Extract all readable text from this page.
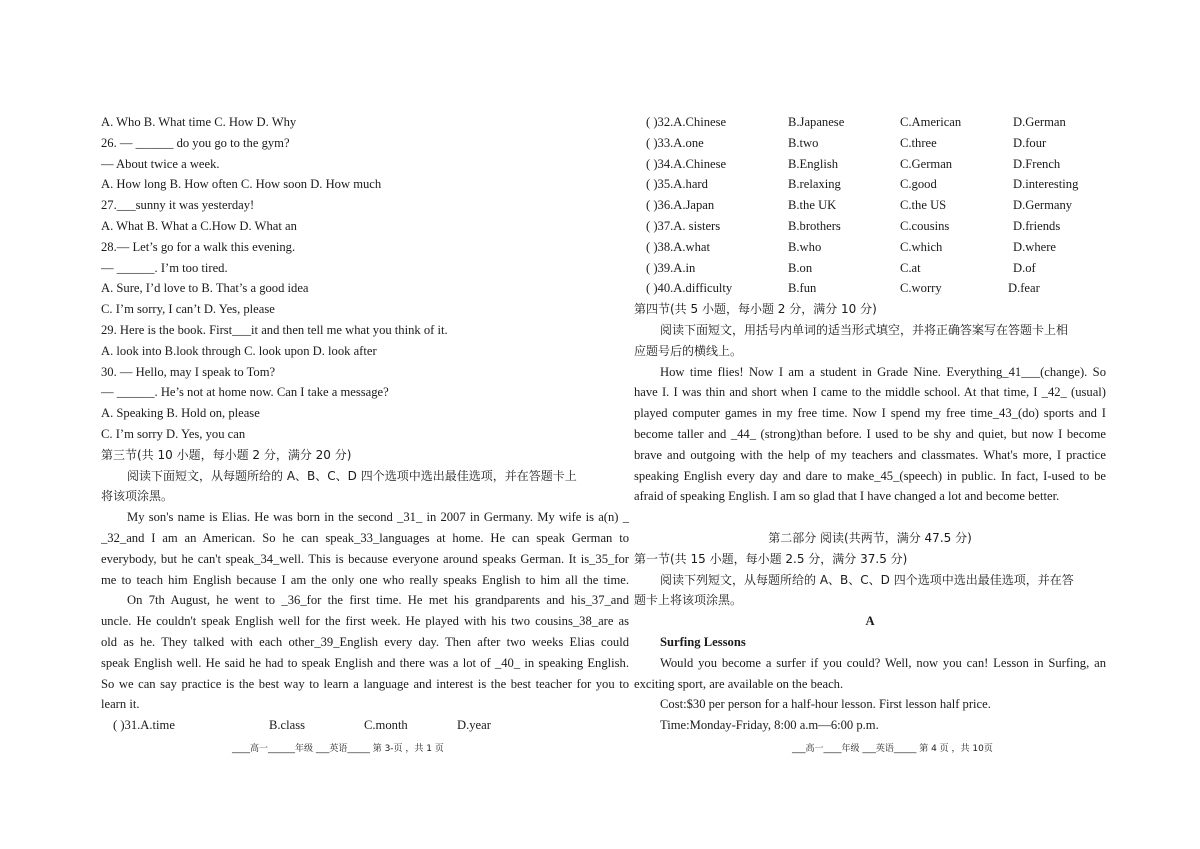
A. Who B. What time C. How D. Why
26. — ______ do you go to the gym?
— About twice a week.
A. How long B. How often C. How soon D. How much
27.___sunny it was yesterday!
A. What B. What a C.How D. What an
28.— Let’s go for a walk this evening.
— ______. I’m too tired.
A. Sure, I’d love to B. That’s a good idea
C. I’m sorry, I can’t D. Yes, please
29. Here is the book. First___it and then tell me what you think of it.
A. look into B.look through C. look upon D. look after
30. — Hello, may I speak to Tom?
— ______. He’s not at home now. Can I take a message?
A. Speaking B. Hold on, please
C. I’m sorry D. Yes, you can
第三节(共 10 小题，每小题 2 分，满分 20 分)
阅读下面短文，从每题所给的 A、B、C、D 四个选项中选出最佳选项，并在答题卡上
将该项涂黑。
My son's name is Elias. He was born in the second _31_ in 2007 in Germany. My wife is a(n) _
_32_and I am an American. So he can speak_33_languages at home. He can speak German to
everybody, but he can't speak_34_well. This is because everyone around speaks German. It is_35_for
me to teach him English because I am the only one who really speaks English to him all the time.
On 7th August, he went to _36_for the first time. He met his grandparents and his_37_and
uncle. He couldn't speak English well for the first week. He played with his two cousins_38_are as
old as he. They talked with each other_39_English every day. Then after two weeks Elias could
speak English well. He said he had to speak English and there was a lot of _40_ in speaking English.
So we can say practice is the best way to learn a language and interest is the best teacher for you to
learn it.
( )31.A.time	B.class	C.month	D.year
( )32.A.Chinese	B.Japanese	C.American	D.German
( )33.A.one	B.two	C.three	D.four
( )34.A.Chinese	B.English	C.German	D.French
( )35.A.hard	B.relaxing	C.good	D.interesting
( )36.A.Japan	B.the UK	C.the US	D.Germany
( )37.A. sisters	B.brothers	C.cousins	D.friends
( )38.A.what	B.who	C.which	D.where
( )39.A.in	B.on	C.at	D.of
( )40.A.difficulty	B.fun	C.worry	D.fear
第四节(共 5 小题，每小题 2 分，满分 10 分)
阅读下面短文，用括号内单词的适当形式填空，并将正确答案写在答题卡上相
应题号后的横线上。
How time flies! Now I am a student in Grade Nine. Everything_41___(change). So
have I. I was thin and short when I came to the middle school. At that time, I _42_ (usual)
played computer games in my free time. Now I spend my free time_43_(do) sports and I
become taller and _44_ (strong)than before. I used to be shy and quiet, but now I become
brave and outgoing with the help of my teachers and classmates. What's more, I practice
speaking English every day and dare to make_45_(speech) in public. In fact, I-used to be
afraid of speaking English. I am so glad that I have changed a lot and become better.
第二部分 阅读(共两节，满分 47.5 分)
第一节(共 15 小题，每小题 2.5 分，满分 37.5 分)
阅读下列短文，从每题所给的 A、B、C、D 四个选项中选出最佳选项，并在答
题卡上将该项涂黑。
A
Surfing Lessons
Would you become a surfer if you could? Well, now you can! Lesson in Surfing, an
exciting sport, are available on the beach.
Cost:$30 per person for a half-hour lesson. First lesson half price.
Time:Monday-Friday, 8:00 a.m—6:00 p.m.
____高一______年级 ___英语_____ 第 3-页 ，共 1 页	___高一____年级 ___英语_____ 第 4 页 ，共 10页
